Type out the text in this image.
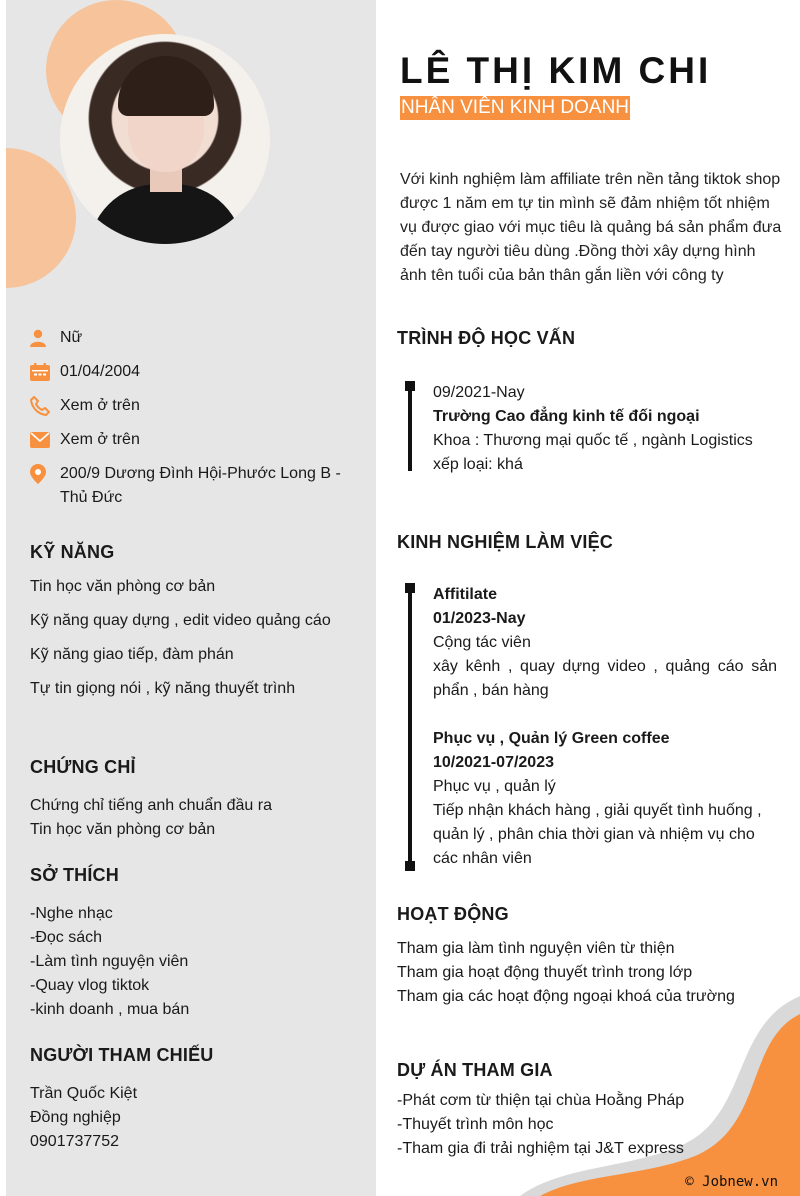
Nữ
01/04/2004
Xem ở trên
Xem ở trên
200/9 Dương Đình Hội-Phước Long B - Thủ Đức
KỸ NĂNG
Tin học văn phòng cơ bản
Kỹ năng quay dựng , edit video quảng cáo
Kỹ năng giao tiếp, đàm phán
Tự tin giọng nói , kỹ năng thuyết trình
CHỨNG CHỈ
Chứng chỉ tiếng anh chuẩn đầu ra
Tin học văn phòng cơ bản
SỞ THÍCH
-Nghe nhạc
-Đọc sách
-Làm tình nguyện viên
-Quay vlog tiktok
-kinh doanh , mua bán
NGƯỜI THAM CHIẾU
Trần Quốc Kiệt
Đồng nghiệp
0901737752
LÊ THỊ KIM CHI
NHÂN VIÊN KINH DOANH
Với kinh nghiệm làm affiliate trên nền tảng tiktok shop được 1 năm em tự tin mình sẽ đảm nhiệm tốt nhiệm vụ được giao với mục tiêu là quảng bá sản phẩm đưa đến tay người tiêu dùng .Đồng thời xây dựng hình ảnh tên tuổi của bản thân gắn liền với công ty
TRÌNH ĐỘ HỌC VẤN
09/2021-Nay
Trường Cao đẳng kinh tế đối ngoại
Khoa : Thương mại quốc tế , ngành Logistics
xếp loại: khá
KINH NGHIỆM LÀM VIỆC
Affitilate
01/2023-Nay
Cộng tác viên
xây kênh , quay dựng video , quảng cáo sản phẩn , bán hàng
Phục vụ , Quản lý Green coffee
10/2021-07/2023
Phục vụ , quản lý
Tiếp nhận khách hàng , giải quyết tình huống , quản lý , phân chia thời gian và nhiệm vụ cho các nhân viên
HOẠT ĐỘNG
Tham gia làm tình nguyện viên từ thiện
Tham gia hoạt động thuyết trình trong lớp
Tham gia các hoạt động ngoại khoá của trường
DỰ ÁN THAM GIA
-Phát cơm từ thiện tại chùa Hoằng Pháp
-Thuyết trình môn học
-Tham gia đi trải nghiệm tại J&T express
© Jobnew.vn
